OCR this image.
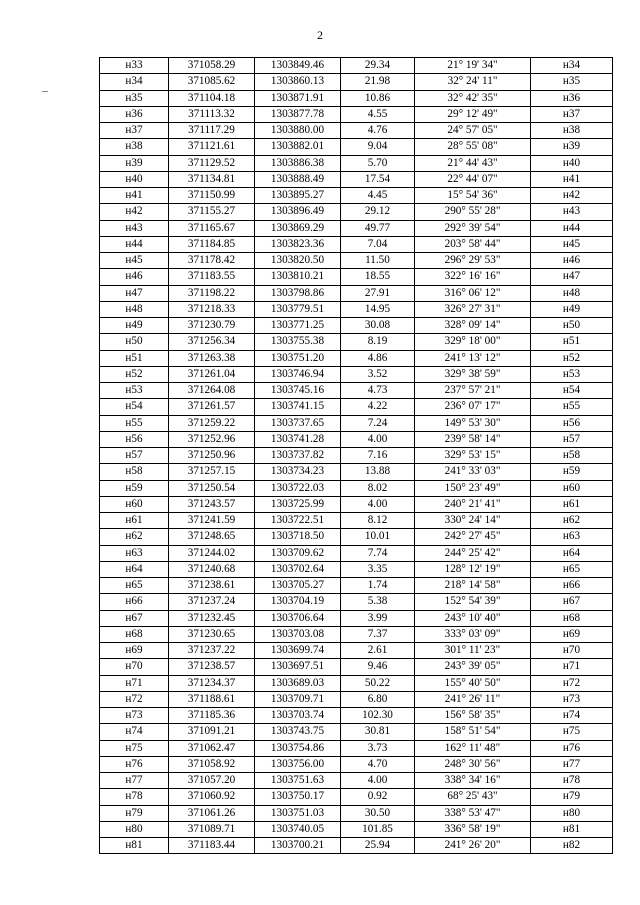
2
н33	371058.29	1303849.46	29.34	21° 19' 34"	н34
н34	371085.62	1303860.13	21.98	32° 24' 11"	н35
н35	371104.18	1303871.91	10.86	32° 42' 35"	н36
н36	371113.32	1303877.78	4.55	29° 12' 49"	н37
н37	371117.29	1303880.00	4.76	24° 57' 05"	н38
н38	371121.61	1303882.01	9.04	28° 55' 08"	н39
н39	371129.52	1303886.38	5.70	21° 44' 43"	н40
н40	371134.81	1303888.49	17.54	22° 44' 07"	н41
н41	371150.99	1303895.27	4.45	15° 54' 36"	н42
н42	371155.27	1303896.49	29.12	290° 55' 28"	н43
н43	371165.67	1303869.29	49.77	292° 39' 54"	н44
н44	371184.85	1303823.36	7.04	203° 58' 44"	н45
н45	371178.42	1303820.50	11.50	296° 29' 53"	н46
н46	371183.55	1303810.21	18.55	322° 16' 16"	н47
н47	371198.22	1303798.86	27.91	316° 06' 12"	н48
н48	371218.33	1303779.51	14.95	326° 27' 31"	н49
н49	371230.79	1303771.25	30.08	328° 09' 14"	н50
н50	371256.34	1303755.38	8.19	329° 18' 00"	н51
н51	371263.38	1303751.20	4.86	241° 13' 12"	н52
н52	371261.04	1303746.94	3.52	329° 38' 59"	н53
н53	371264.08	1303745.16	4.73	237° 57' 21"	н54
н54	371261.57	1303741.15	4.22	236° 07' 17"	н55
н55	371259.22	1303737.65	7.24	149° 53' 30"	н56
н56	371252.96	1303741.28	4.00	239° 58' 14"	н57
н57	371250.96	1303737.82	7.16	329° 53' 15"	н58
н58	371257.15	1303734.23	13.88	241° 33' 03"	н59
н59	371250.54	1303722.03	8.02	150° 23' 49"	н60
н60	371243.57	1303725.99	4.00	240° 21' 41"	н61
н61	371241.59	1303722.51	8.12	330° 24' 14"	н62
н62	371248.65	1303718.50	10.01	242° 27' 45"	н63
н63	371244.02	1303709.62	7.74	244° 25' 42"	н64
н64	371240.68	1303702.64	3.35	128° 12' 19"	н65
н65	371238.61	1303705.27	1.74	218° 14' 58"	н66
н66	371237.24	1303704.19	5.38	152° 54' 39"	н67
н67	371232.45	1303706.64	3.99	243° 10' 40"	н68
н68	371230.65	1303703.08	7.37	333° 03' 09"	н69
н69	371237.22	1303699.74	2.61	301° 11' 23"	н70
н70	371238.57	1303697.51	9.46	243° 39' 05"	н71
н71	371234.37	1303689.03	50.22	155° 40' 50"	н72
н72	371188.61	1303709.71	6.80	241° 26' 11"	н73
н73	371185.36	1303703.74	102.30	156° 58' 35"	н74
н74	371091.21	1303743.75	30.81	158° 51' 54"	н75
н75	371062.47	1303754.86	3.73	162° 11' 48"	н76
н76	371058.92	1303756.00	4.70	248° 30' 56"	н77
н77	371057.20	1303751.63	4.00	338° 34' 16"	н78
н78	371060.92	1303750.17	0.92	68° 25' 43"	н79
н79	371061.26	1303751.03	30.50	338° 53' 47"	н80
н80	371089.71	1303740.05	101.85	336° 58' 19"	н81
н81	371183.44	1303700.21	25.94	241° 26' 20"	н82
